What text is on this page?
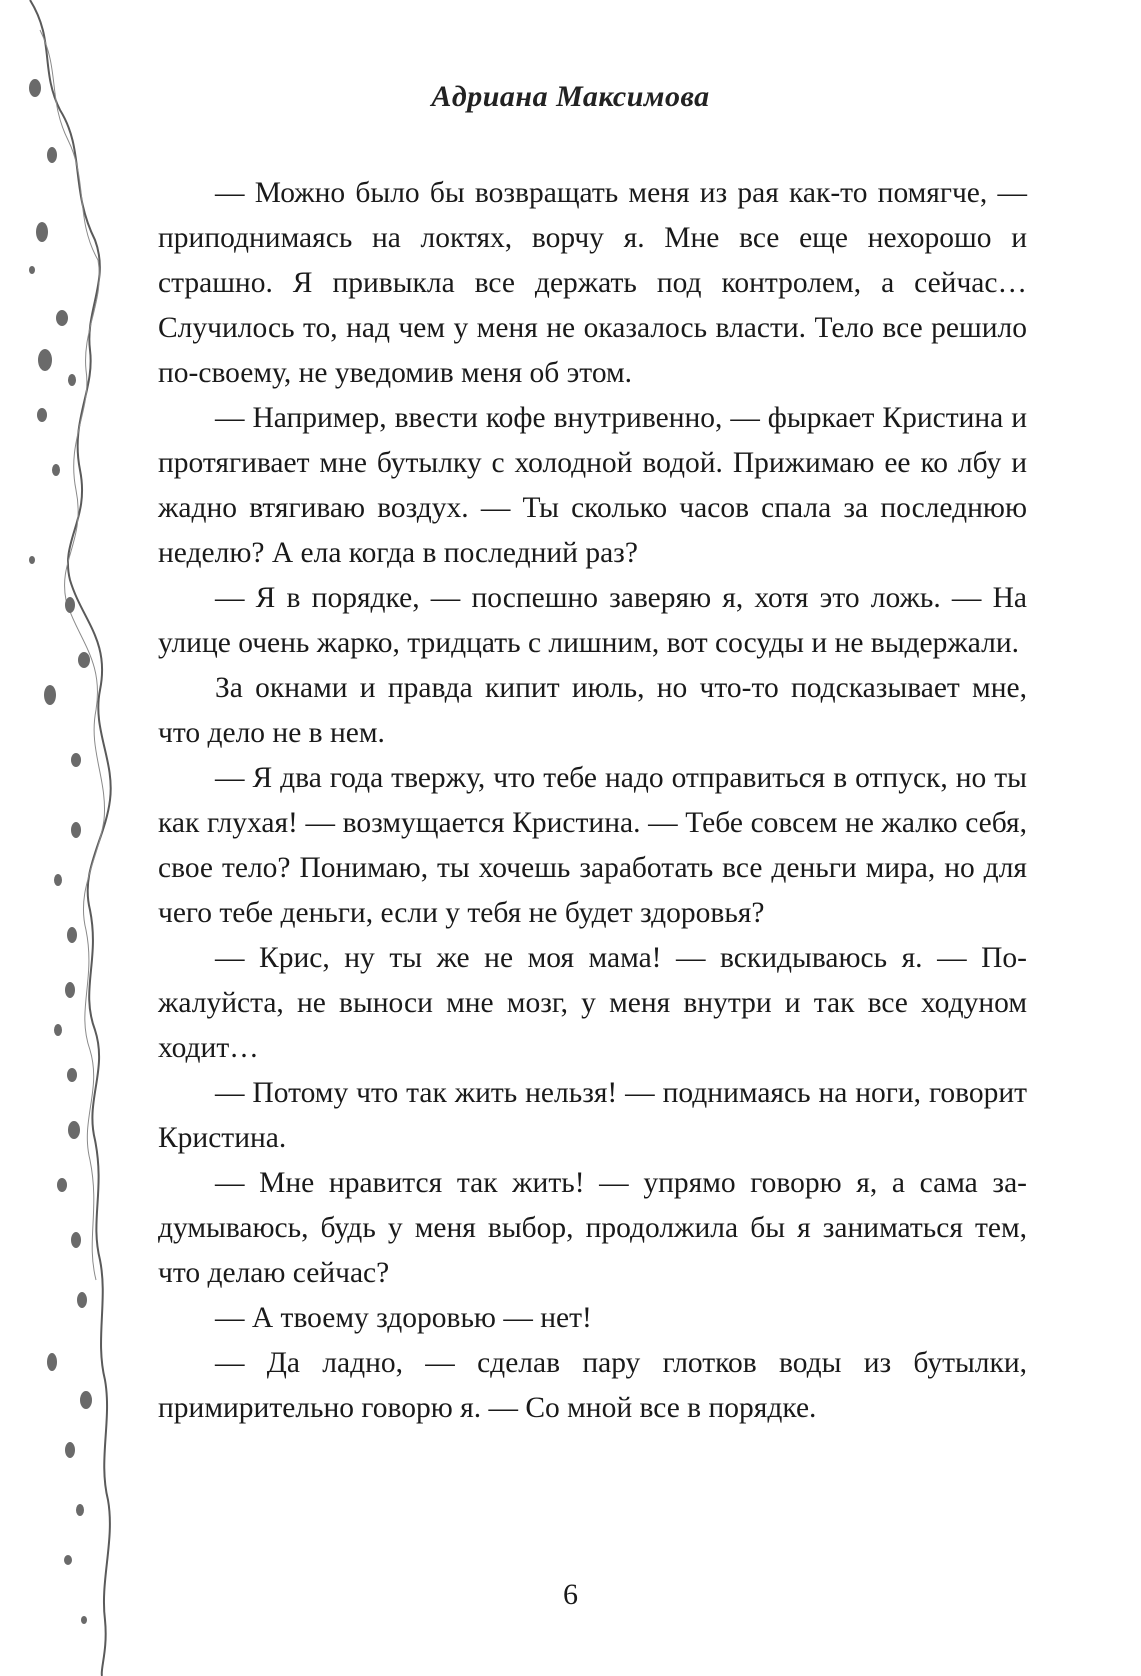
Адриана Максимова

— Можно было бы возвращать меня из рая как-то помягче, — приподнимаясь на локтях, ворчу я. Мне все еще нехорошо и страшно. Я привыкла все держать под контролем, а сейчас… Случилось то, над чем у меня не оказалось власти. Тело все решило по-своему, не уведомив меня об этом.

— Например, ввести кофе внутривенно, — фыркает Кристина и протягивает мне бутылку с холодной водой. Прижимаю ее ко лбу и жадно втягиваю воздух. — Ты сколько часов спала за последнюю неделю? А ела когда в последний раз?

— Я в порядке, — поспешно заверяю я, хотя это ложь. — На улице очень жарко, тридцать с лишним, вот сосуды и не выдержали.

За окнами и правда кипит июль, но что-то подсказывает мне, что дело не в нем.

— Я два года твержу, что тебе надо отправиться в отпуск, но ты как глухая! — возмущается Кристина. — Тебе совсем не жалко себя, свое тело? Понимаю, ты хочешь заработать все деньги мира, но для чего тебе деньги, если у тебя не будет здоровья?

— Крис, ну ты же не моя мама! — вскидываюсь я. — Пожалуйста, не выноси мне мозг, у меня внутри и так все ходуном ходит…

— Потому что так жить нельзя! — поднимаясь на ноги, говорит Кристина.

— Мне нравится так жить! — упрямо говорю я, а сама задумываюсь, будь у меня выбор, продолжила бы я заниматься тем, что делаю сейчас?

— А твоему здоровью — нет!

— Да ладно, — сделав пару глотков воды из бутылки, примирительно говорю я. — Со мной все в порядке.

6
